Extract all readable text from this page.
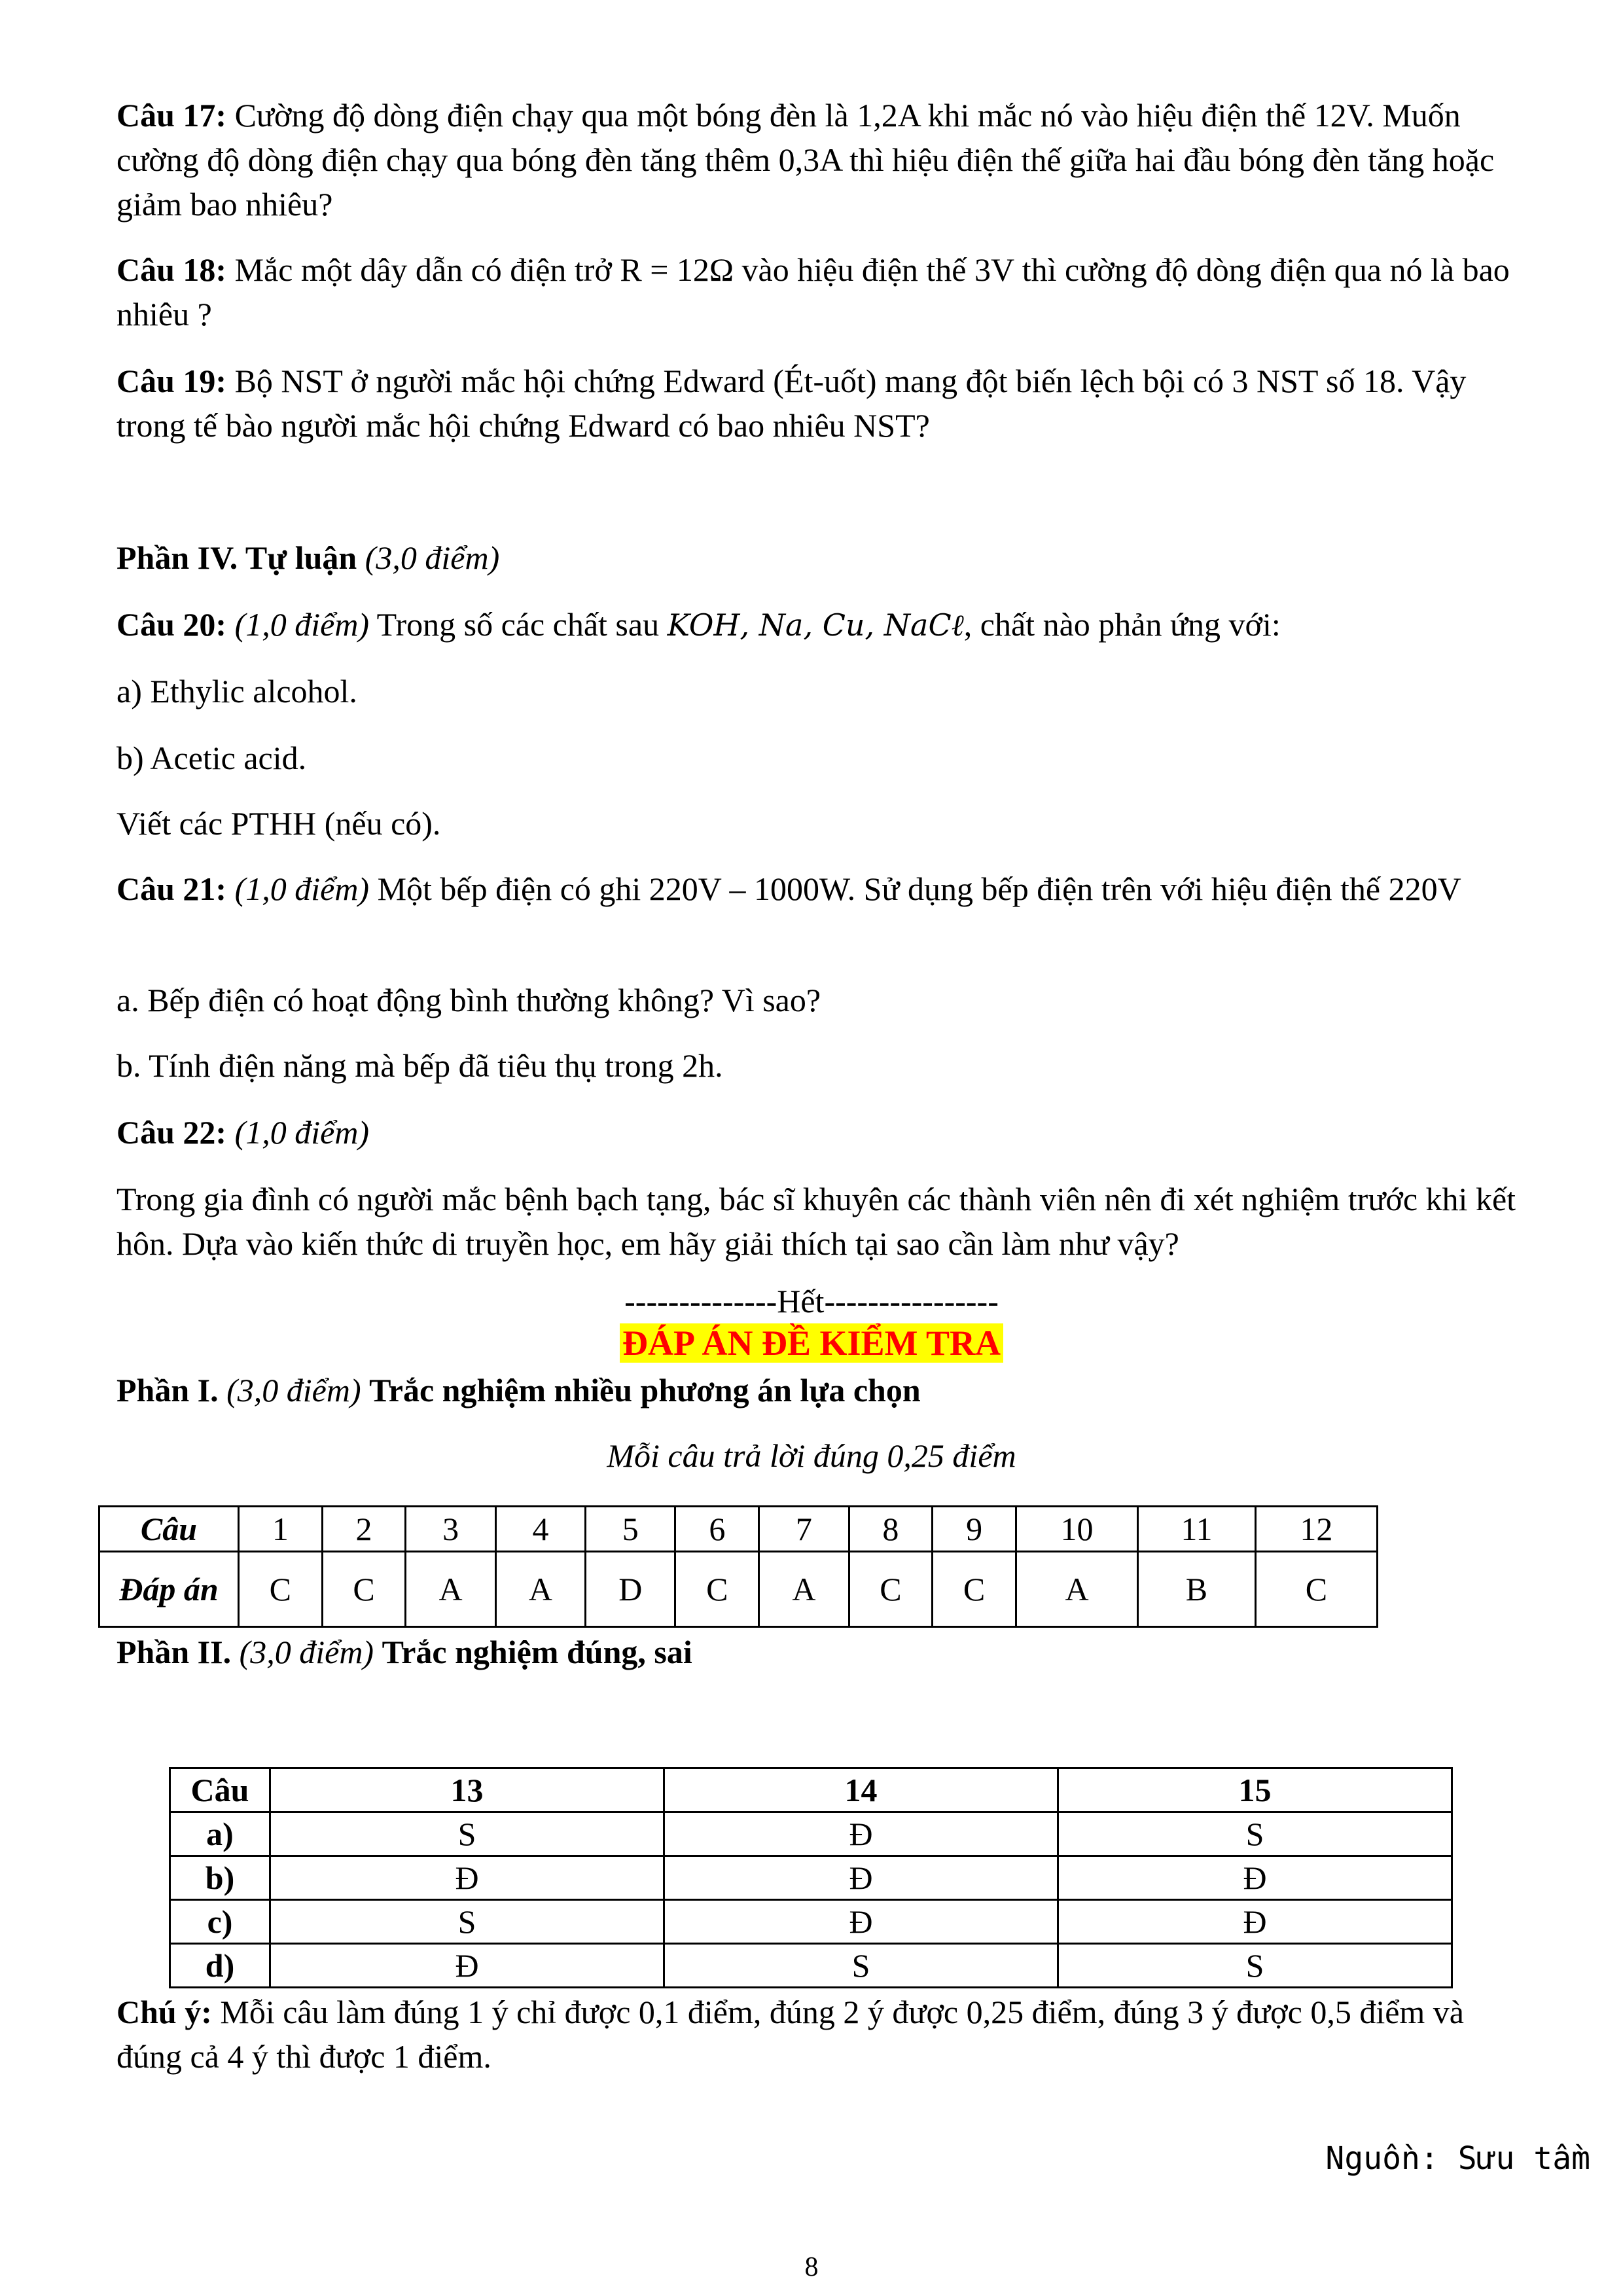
Câu 17: Cường độ dòng điện chạy qua một bóng đèn là 1,2A khi mắc nó vào hiệu điện thế 12V. Muốn cường độ dòng điện chạy qua bóng đèn tăng thêm 0,3A thì hiệu điện thế giữa hai đầu bóng đèn tăng hoặc giảm bao nhiêu?

Câu 18: Mắc một dây dẫn có điện trở R = 12Ω vào hiệu điện thế 3V thì cường độ dòng điện qua nó là bao nhiêu ?

Câu 19: Bộ NST ở người mắc hội chứng Edward (Ét-uốt) mang đột biến lệch bội có 3 NST số 18. Vậy trong tế bào người mắc hội chứng Edward có bao nhiêu NST?

Phần IV. Tự luận (3,0 điểm)

Câu 20: (1,0 điểm) Trong số các chất sau KOH, Na, Cu, NaCℓ, chất nào phản ứng với:

a) Ethylic alcohol.

b) Acetic acid.

Viết các PTHH (nếu có).

Câu 21: (1,0 điểm) Một bếp điện có ghi 220V – 1000W. Sử dụng bếp điện trên với hiệu điện thế 220V

a. Bếp điện có hoạt động bình thường không? Vì sao?

b. Tính điện năng mà bếp đã tiêu thụ trong 2h.

Câu 22: (1,0 điểm)

Trong gia đình có người mắc bệnh bạch tạng, bác sĩ khuyên các thành viên nên đi xét nghiệm trước khi kết hôn. Dựa vào kiến thức di truyền học, em hãy giải thích tại sao cần làm như vậy?

--------------Hết----------------
ĐÁP ÁN ĐỀ KIỂM TRA

Phần I. (3,0 điểm) Trắc nghiệm nhiều phương án lựa chọn

Mỗi câu trả lời đúng 0,25 điểm
Câu	1	2	3	4	5	6	7	8	9	10	11	12
Đáp án	C	C	A	A	D	C	A	C	C	A	B	C

Phần II. (3,0 điểm) Trắc nghiệm đúng, sai

Câu	13	14	15
a)	S	Đ	S
b)	Đ	Đ	Đ
c)	S	Đ	Đ
d)	Đ	S	S

Chú ý: Mỗi câu làm đúng 1 ý chỉ được 0,1 điểm, đúng 2 ý được 0,25 điểm, đúng 3 ý được 0,5 điểm và đúng cả 4 ý thì được 1 điểm.

Nguồn: Sưu tầm
8
